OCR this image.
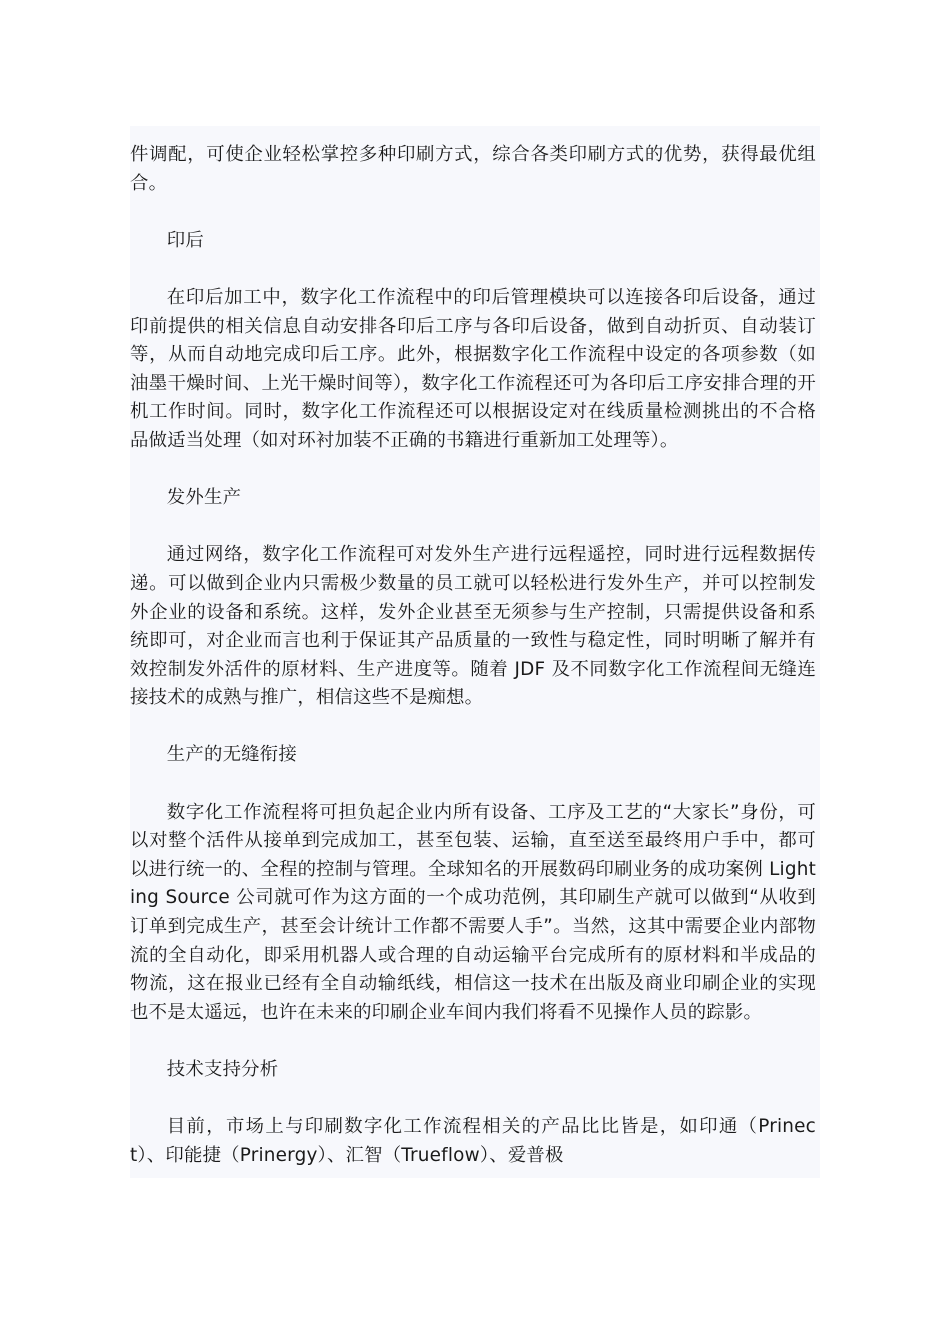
件调配，可使企业轻松掌控多种印刷方式，综合各类印刷方式的优势，获得最优组合。

印后

在印后加工中，数字化工作流程中的印后管理模块可以连接各印后设备，通过印前提供的相关信息自动安排各印后工序与各印后设备，做到自动折页、自动装订等，从而自动地完成印后工序。此外，根据数字化工作流程中设定的各项参数（如油墨干燥时间、上光干燥时间等），数字化工作流程还可为各印后工序安排合理的开机工作时间。同时，数字化工作流程还可以根据设定对在线质量检测挑出的不合格品做适当处理（如对环衬加装不正确的书籍进行重新加工处理等）。

发外生产

通过网络，数字化工作流程可对发外生产进行远程遥控，同时进行远程数据传递。可以做到企业内只需极少数量的员工就可以轻松进行发外生产，并可以控制发外企业的设备和系统。这样，发外企业甚至无须参与生产控制，只需提供设备和系统即可，对企业而言也利于保证其产品质量的一致性与稳定性，同时明晰了解并有效控制发外活件的原材料、生产进度等。随着 JDF 及不同数字化工作流程间无缝连接技术的成熟与推广，相信这些不是痴想。

生产的无缝衔接

数字化工作流程将可担负起企业内所有设备、工序及工艺的“大家长”身份，可以对整个活件从接单到完成加工，甚至包装、运输，直至送至最终用户手中，都可以进行统一的、全程的控制与管理。全球知名的开展数码印刷业务的成功案例 Lighting Source 公司就可作为这方面的一个成功范例，其印刷生产就可以做到“从收到订单到完成生产，甚至会计统计工作都不需要人手”。当然，这其中需要企业内部物流的全自动化，即采用机器人或合理的自动运输平台完成所有的原材料和半成品的物流，这在报业已经有全自动输纸线，相信这一技术在出版及商业印刷企业的实现也不是太遥远，也许在未来的印刷企业车间内我们将看不见操作人员的踪影。

技术支持分析

目前，市场上与印刷数字化工作流程相关的产品比比皆是，如印通（Prinect）、印能捷（Prinergy）、汇智（Trueflow）、爱普极
